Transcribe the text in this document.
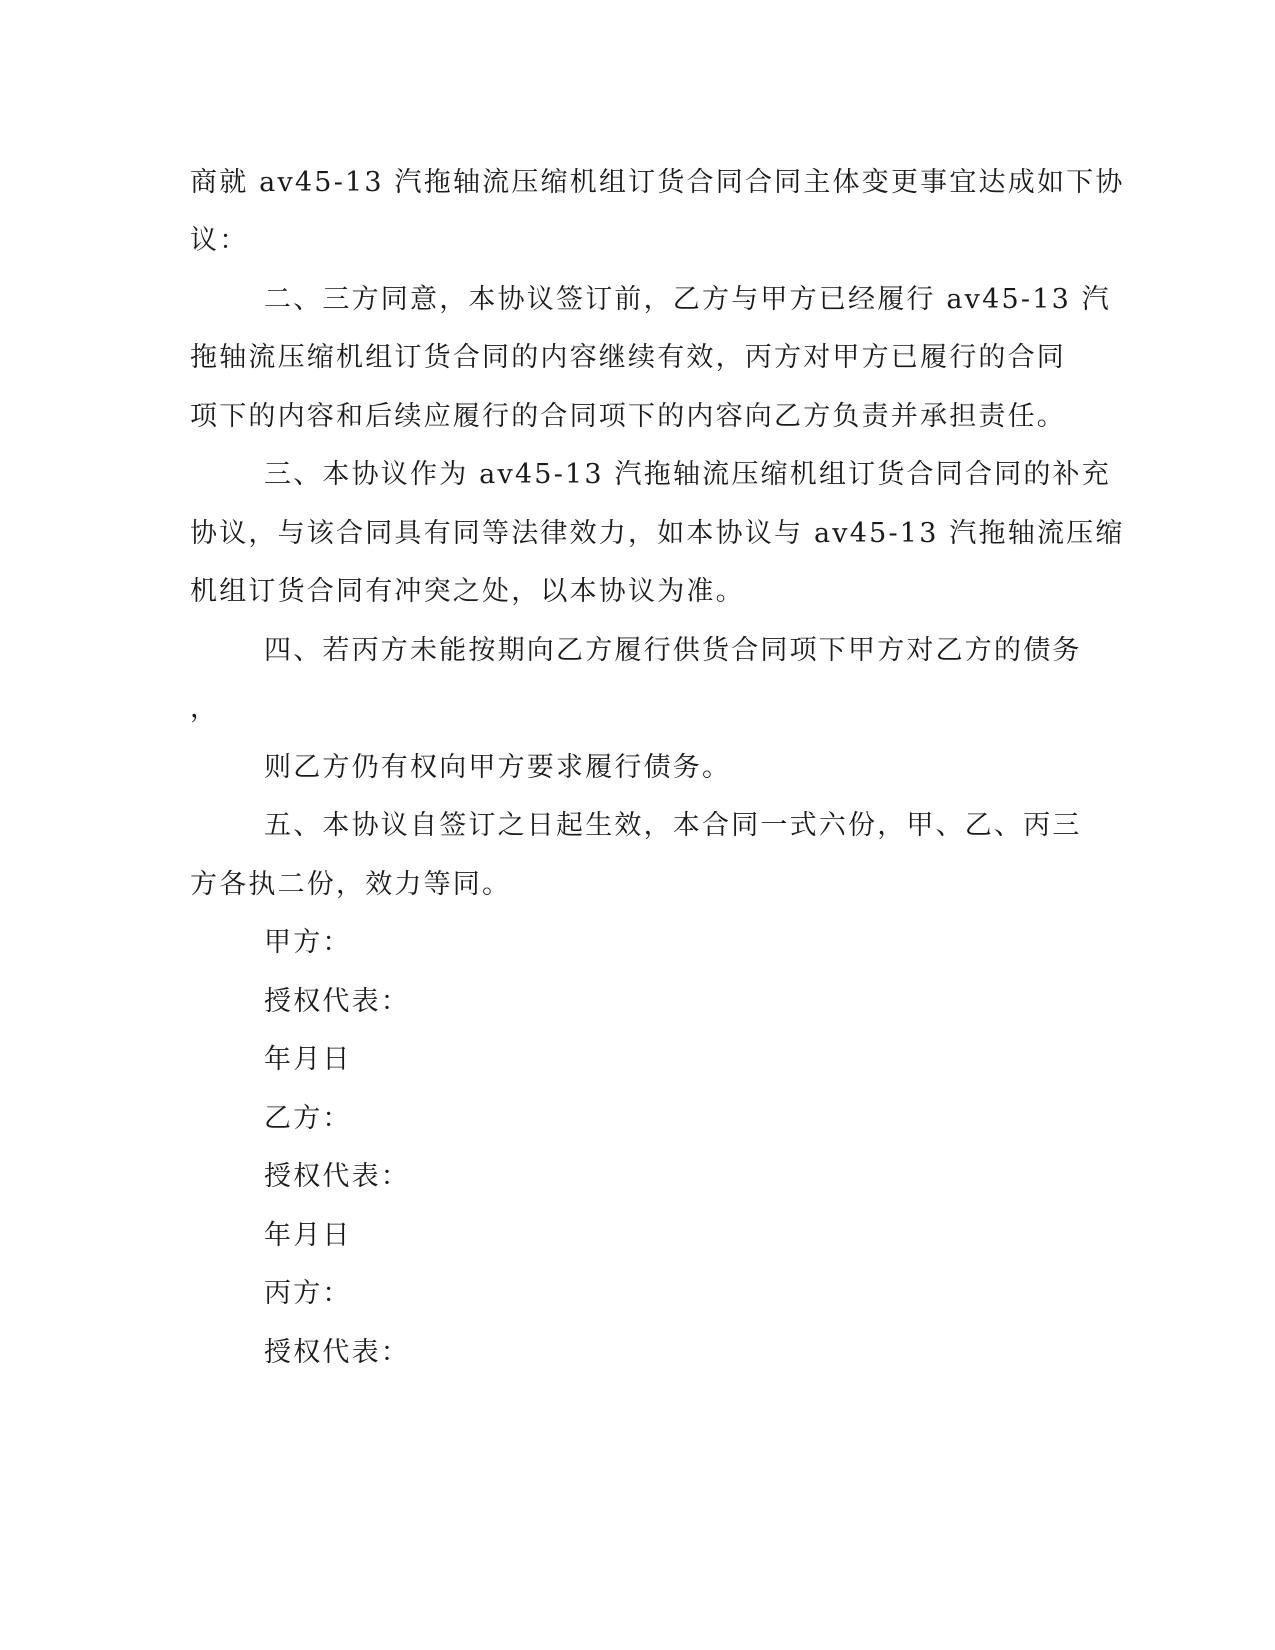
商就 av45-13 汽拖轴流压缩机组订货合同合同主体变更事宜达成如下协
议：
二、三方同意，本协议签订前，乙方与甲方已经履行 av45-13 汽
拖轴流压缩机组订货合同的内容继续有效，丙方对甲方已履行的合同
项下的内容和后续应履行的合同项下的内容向乙方负责并承担责任。
三、本协议作为 av45-13 汽拖轴流压缩机组订货合同合同的补充
协议，与该合同具有同等法律效力，如本协议与 av45-13 汽拖轴流压缩
机组订货合同有冲突之处，以本协议为准。
四、若丙方未能按期向乙方履行供货合同项下甲方对乙方的债务
，
则乙方仍有权向甲方要求履行债务。
五、本协议自签订之日起生效，本合同一式六份，甲、乙、丙三
方各执二份，效力等同。
甲方：
授权代表：
年月日
乙方：
授权代表：
年月日
丙方：
授权代表：
